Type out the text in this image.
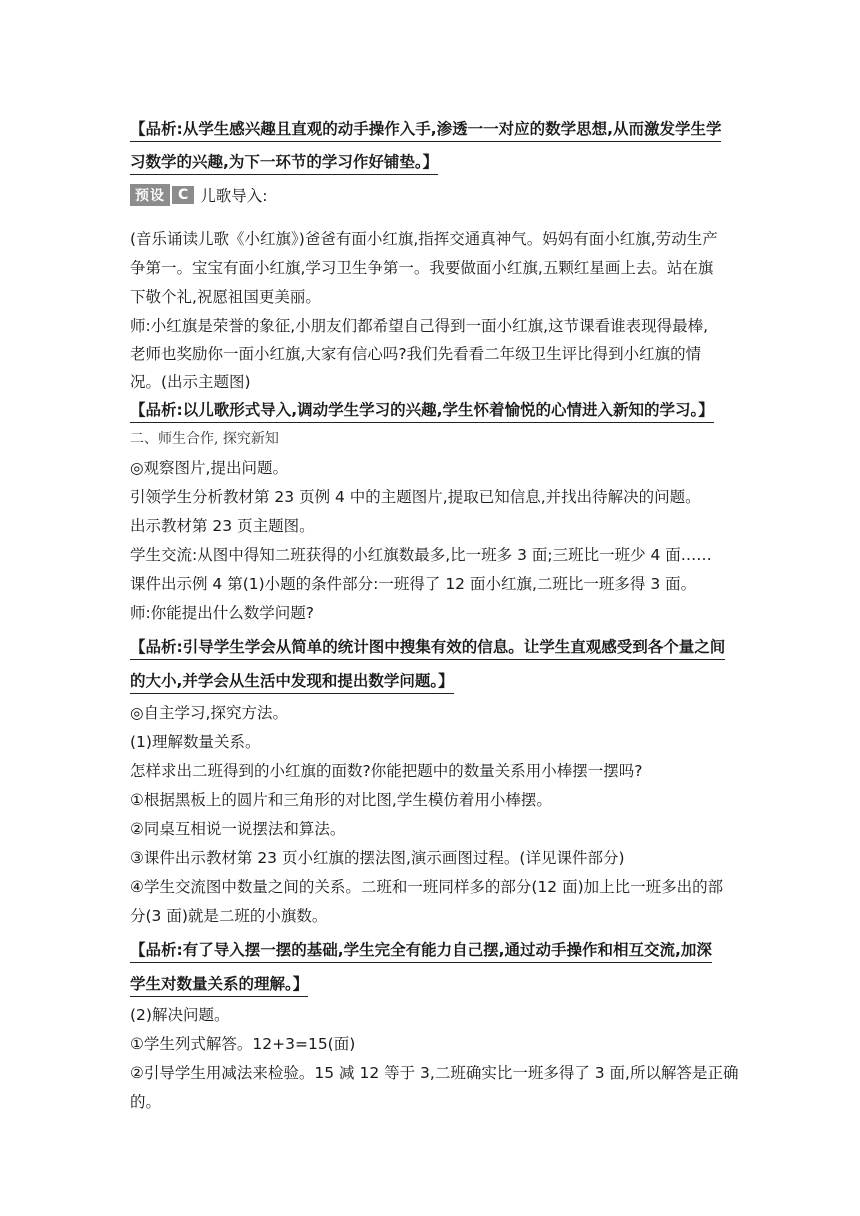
【品析:从学生感兴趣且直观的动手操作入手,渗透一一对应的数学思想,从而激发学生学
习数学的兴趣,为下一环节的学习作好铺垫。】
预设 C 儿歌导入:
(音乐诵读儿歌《小红旗》)爸爸有面小红旗,指挥交通真神气。妈妈有面小红旗,劳动生产
争第一。宝宝有面小红旗,学习卫生争第一。我要做面小红旗,五颗红星画上去。站在旗
下敬个礼,祝愿祖国更美丽。
师:小红旗是荣誉的象征,小朋友们都希望自己得到一面小红旗,这节课看谁表现得最棒,
老师也奖励你一面小红旗,大家有信心吗?我们先看看二年级卫生评比得到小红旗的情
况。(出示主题图)
【品析:以儿歌形式导入,调动学生学习的兴趣,学生怀着愉悦的心情进入新知的学习。】
二、师生合作, 探究新知
◎观察图片,提出问题。
引领学生分析教材第 23 页例 4 中的主题图片,提取已知信息,并找出待解决的问题。
出示教材第 23 页主题图。
学生交流:从图中得知二班获得的小红旗数最多,比一班多 3 面;三班比一班少 4 面……
课件出示例 4 第(1)小题的条件部分:一班得了 12 面小红旗,二班比一班多得 3 面。
师:你能提出什么数学问题?
【品析:引导学生学会从简单的统计图中搜集有效的信息。让学生直观感受到各个量之间
的大小,并学会从生活中发现和提出数学问题。】
◎自主学习,探究方法。
(1)理解数量关系。
怎样求出二班得到的小红旗的面数?你能把题中的数量关系用小棒摆一摆吗?
①根据黑板上的圆片和三角形的对比图,学生模仿着用小棒摆。
②同桌互相说一说摆法和算法。
③课件出示教材第 23 页小红旗的摆法图,演示画图过程。(详见课件部分)
④学生交流图中数量之间的关系。二班和一班同样多的部分(12 面)加上比一班多出的部
分(3 面)就是二班的小旗数。
【品析:有了导入摆一摆的基础,学生完全有能力自己摆,通过动手操作和相互交流,加深
学生对数量关系的理解。】
(2)解决问题。
①学生列式解答。12+3=15(面)
②引导学生用减法来检验。15 减 12 等于 3,二班确实比一班多得了 3 面,所以解答是正确
的。
